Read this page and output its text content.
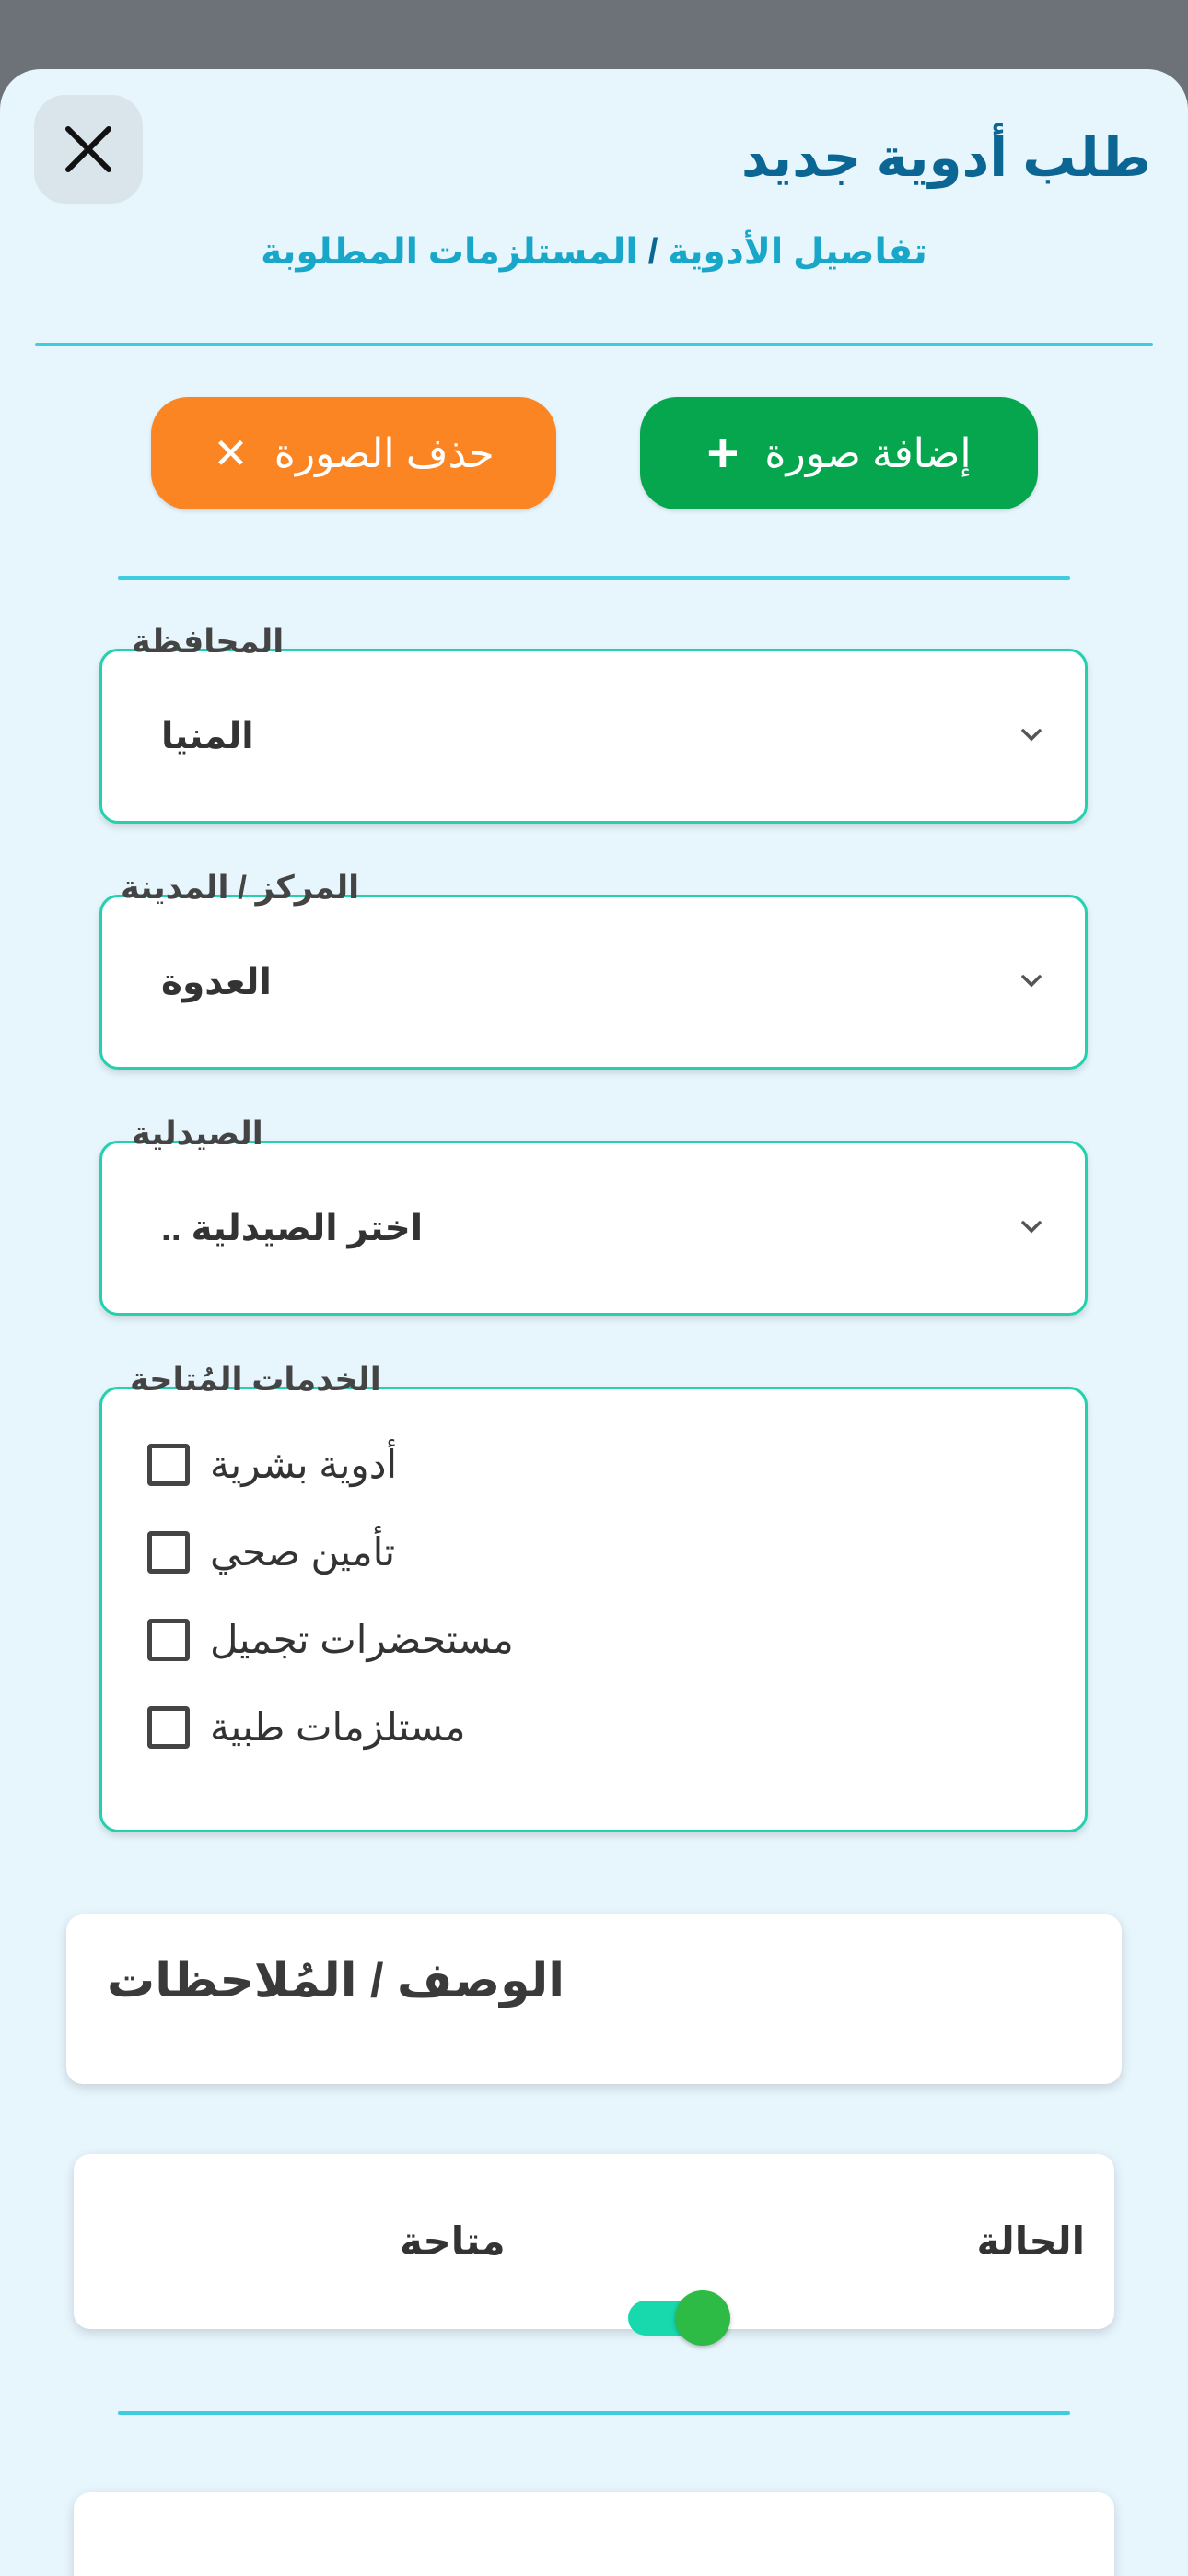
طلب أدوية جديد
تفاصيل الأدوية / المستلزمات المطلوبة
إضافة صورة
+
حذف الصورة
✕
المنيا
المحافظة
العدوة
المركز / المدينة
اختر الصيدلية ..
الصيدلية
أدوية بشرية
تأمين صحي
مستحضرات تجميل
مستلزمات طبية
الخدمات المُتاحة
الوصف / المُلاحظات
الحالة
متاحة
